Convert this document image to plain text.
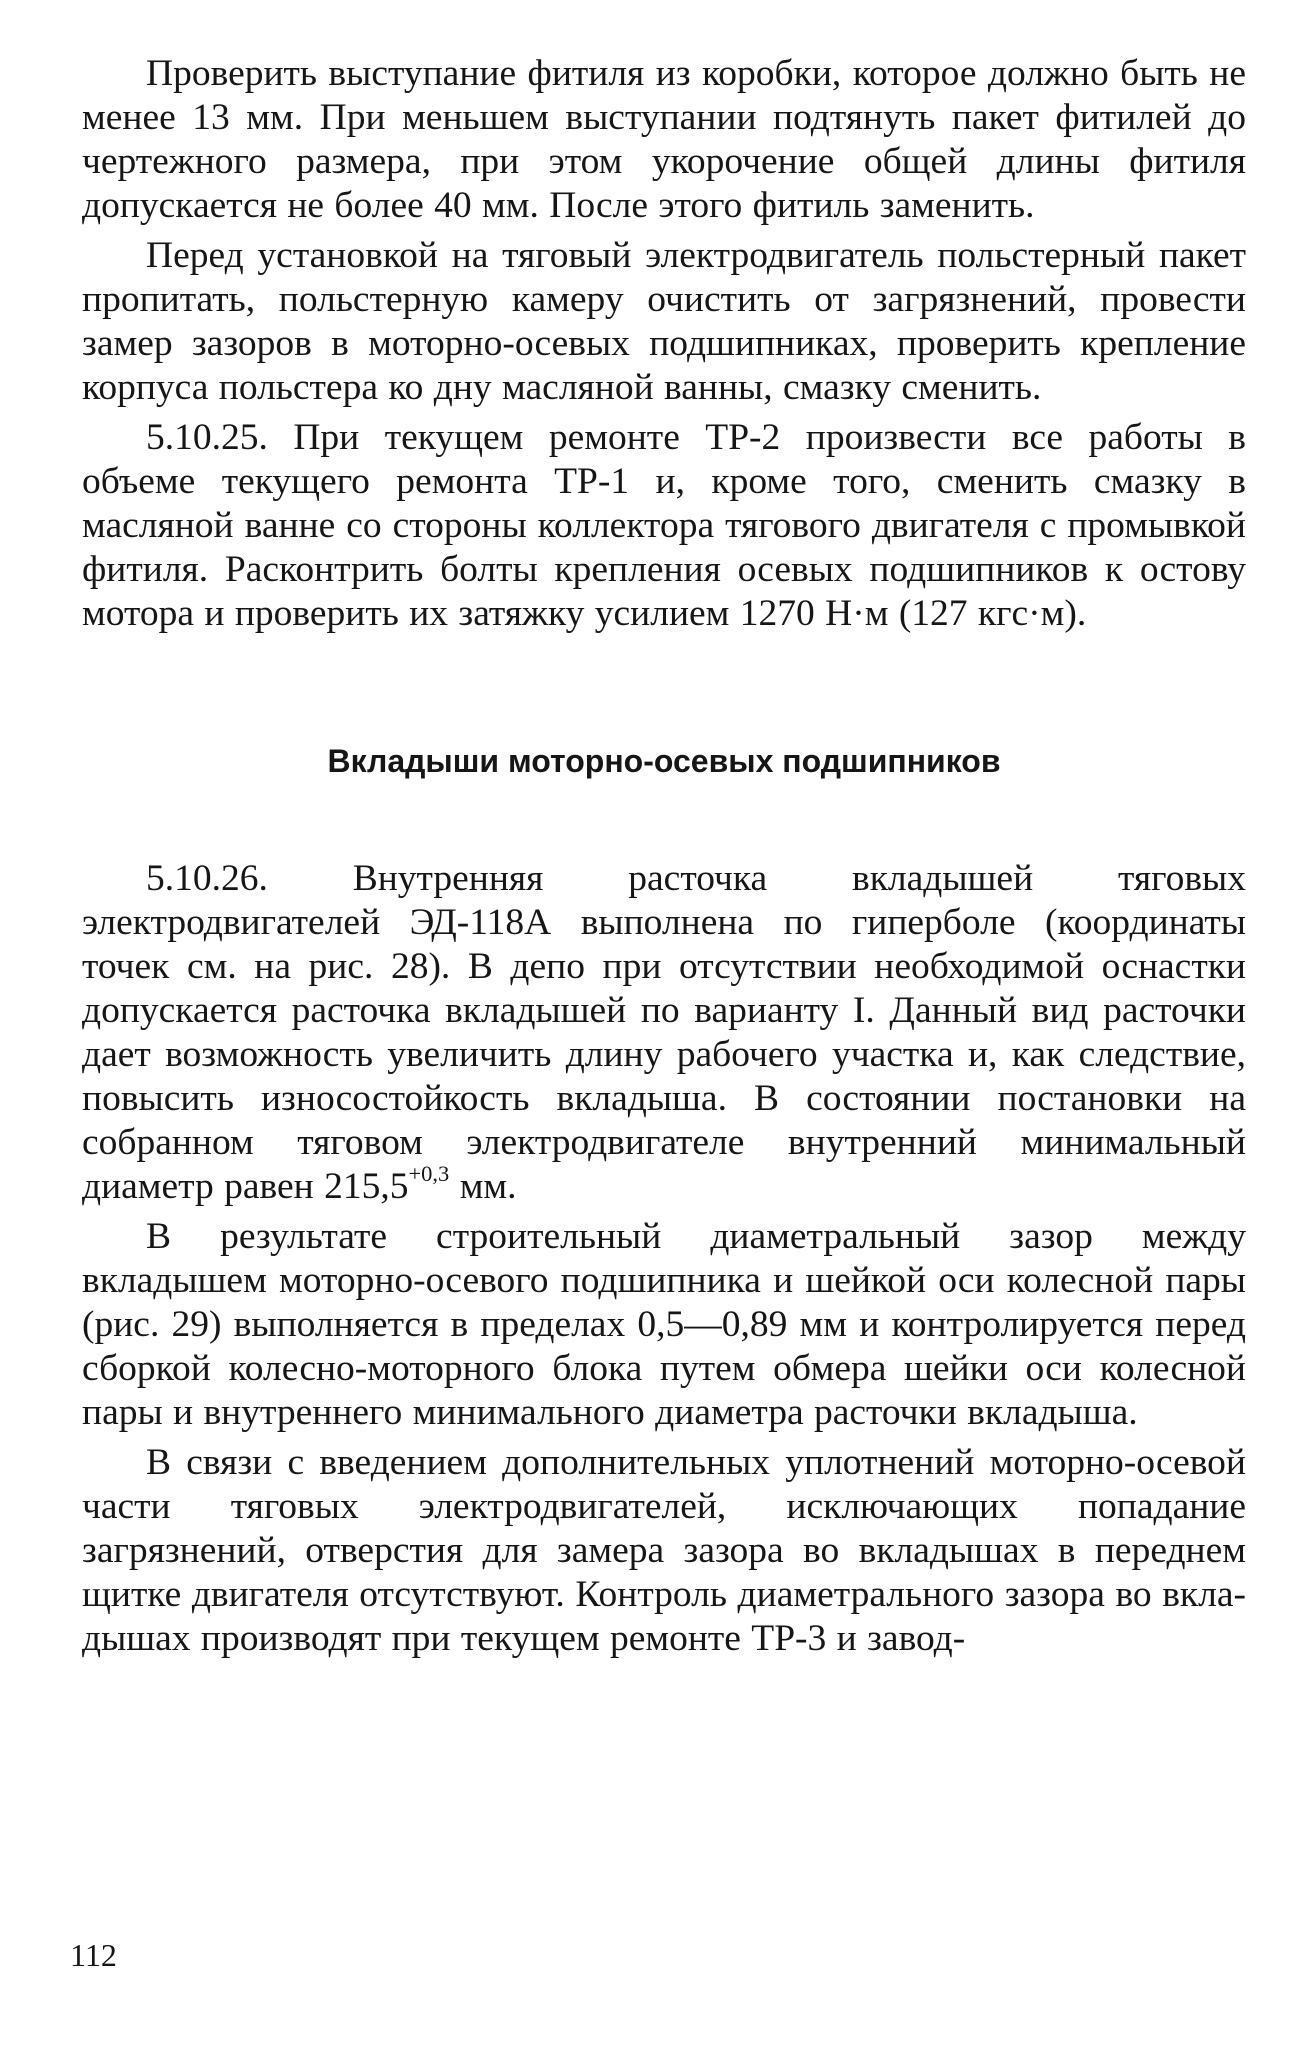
Проверить выступание фитиля из коробки, которое должно быть не менее 13 мм. При меньшем выступании подтянуть пакет фитилей до чертежного размера, при этом укорочение общей длины фитиля допускается не более 40 мм. После этого фитиль заменить.

Перед установкой на тяговый электродвигатель польстерный пакет пропитать, польстерную камеру очистить от загрязнений, провести замер зазоров в моторно-осевых подшипниках, проверить крепление корпуса польстера ко дну масляной ванны, смазку сменить.

5.10.25. При текущем ремонте ТР-2 произвести все работы в объеме текущего ремонта ТР-1 и, кроме того, сменить смазку в масляной ванне со стороны коллектора тягового двигателя с промывкой фитиля. Расконтрить болты крепления осевых подшипников к остову мотора и проверить их затяжку усилием 1270 Н·м (127 кгс·м).

Вкладыши моторно-осевых подшипников

5.10.26. Внутренняя расточка вкладышей тяговых электродвигателей ЭД-118А выполнена по гиперболе (координаты точек см. на рис. 28). В депо при отсутствии необходимой оснастки допускается расточка вкладышей по варианту I. Данный вид расточки дает возможность увеличить длину рабочего участка и, как следствие, повысить износостойкость вкладыша. В состоянии постановки на собранном тяговом электродвигателе внутренний минимальный диаметр равен $215,5^{+0,3}$ мм.

В результате строительный диаметральный зазор между вкладышем моторно-осевого подшипника и шейкой оси колесной пары (рис. 29) выполняется в пределах 0,5—0,89 мм и контролируется перед сборкой колесно-моторного блока путем обмера шейки оси колесной пары и внутреннего минимального диаметра расточки вкладыша.

В связи с введением дополнительных уплотнений моторно-осевой части тяговых электродвигателей, исключающих попадание загрязнений, отверстия для замера зазора во вкладышах в переднем щитке двигателя отсутствуют. Контроль диаметрального зазора во вкладышах производят при текущем ремонте ТР-3 и завод-

112
